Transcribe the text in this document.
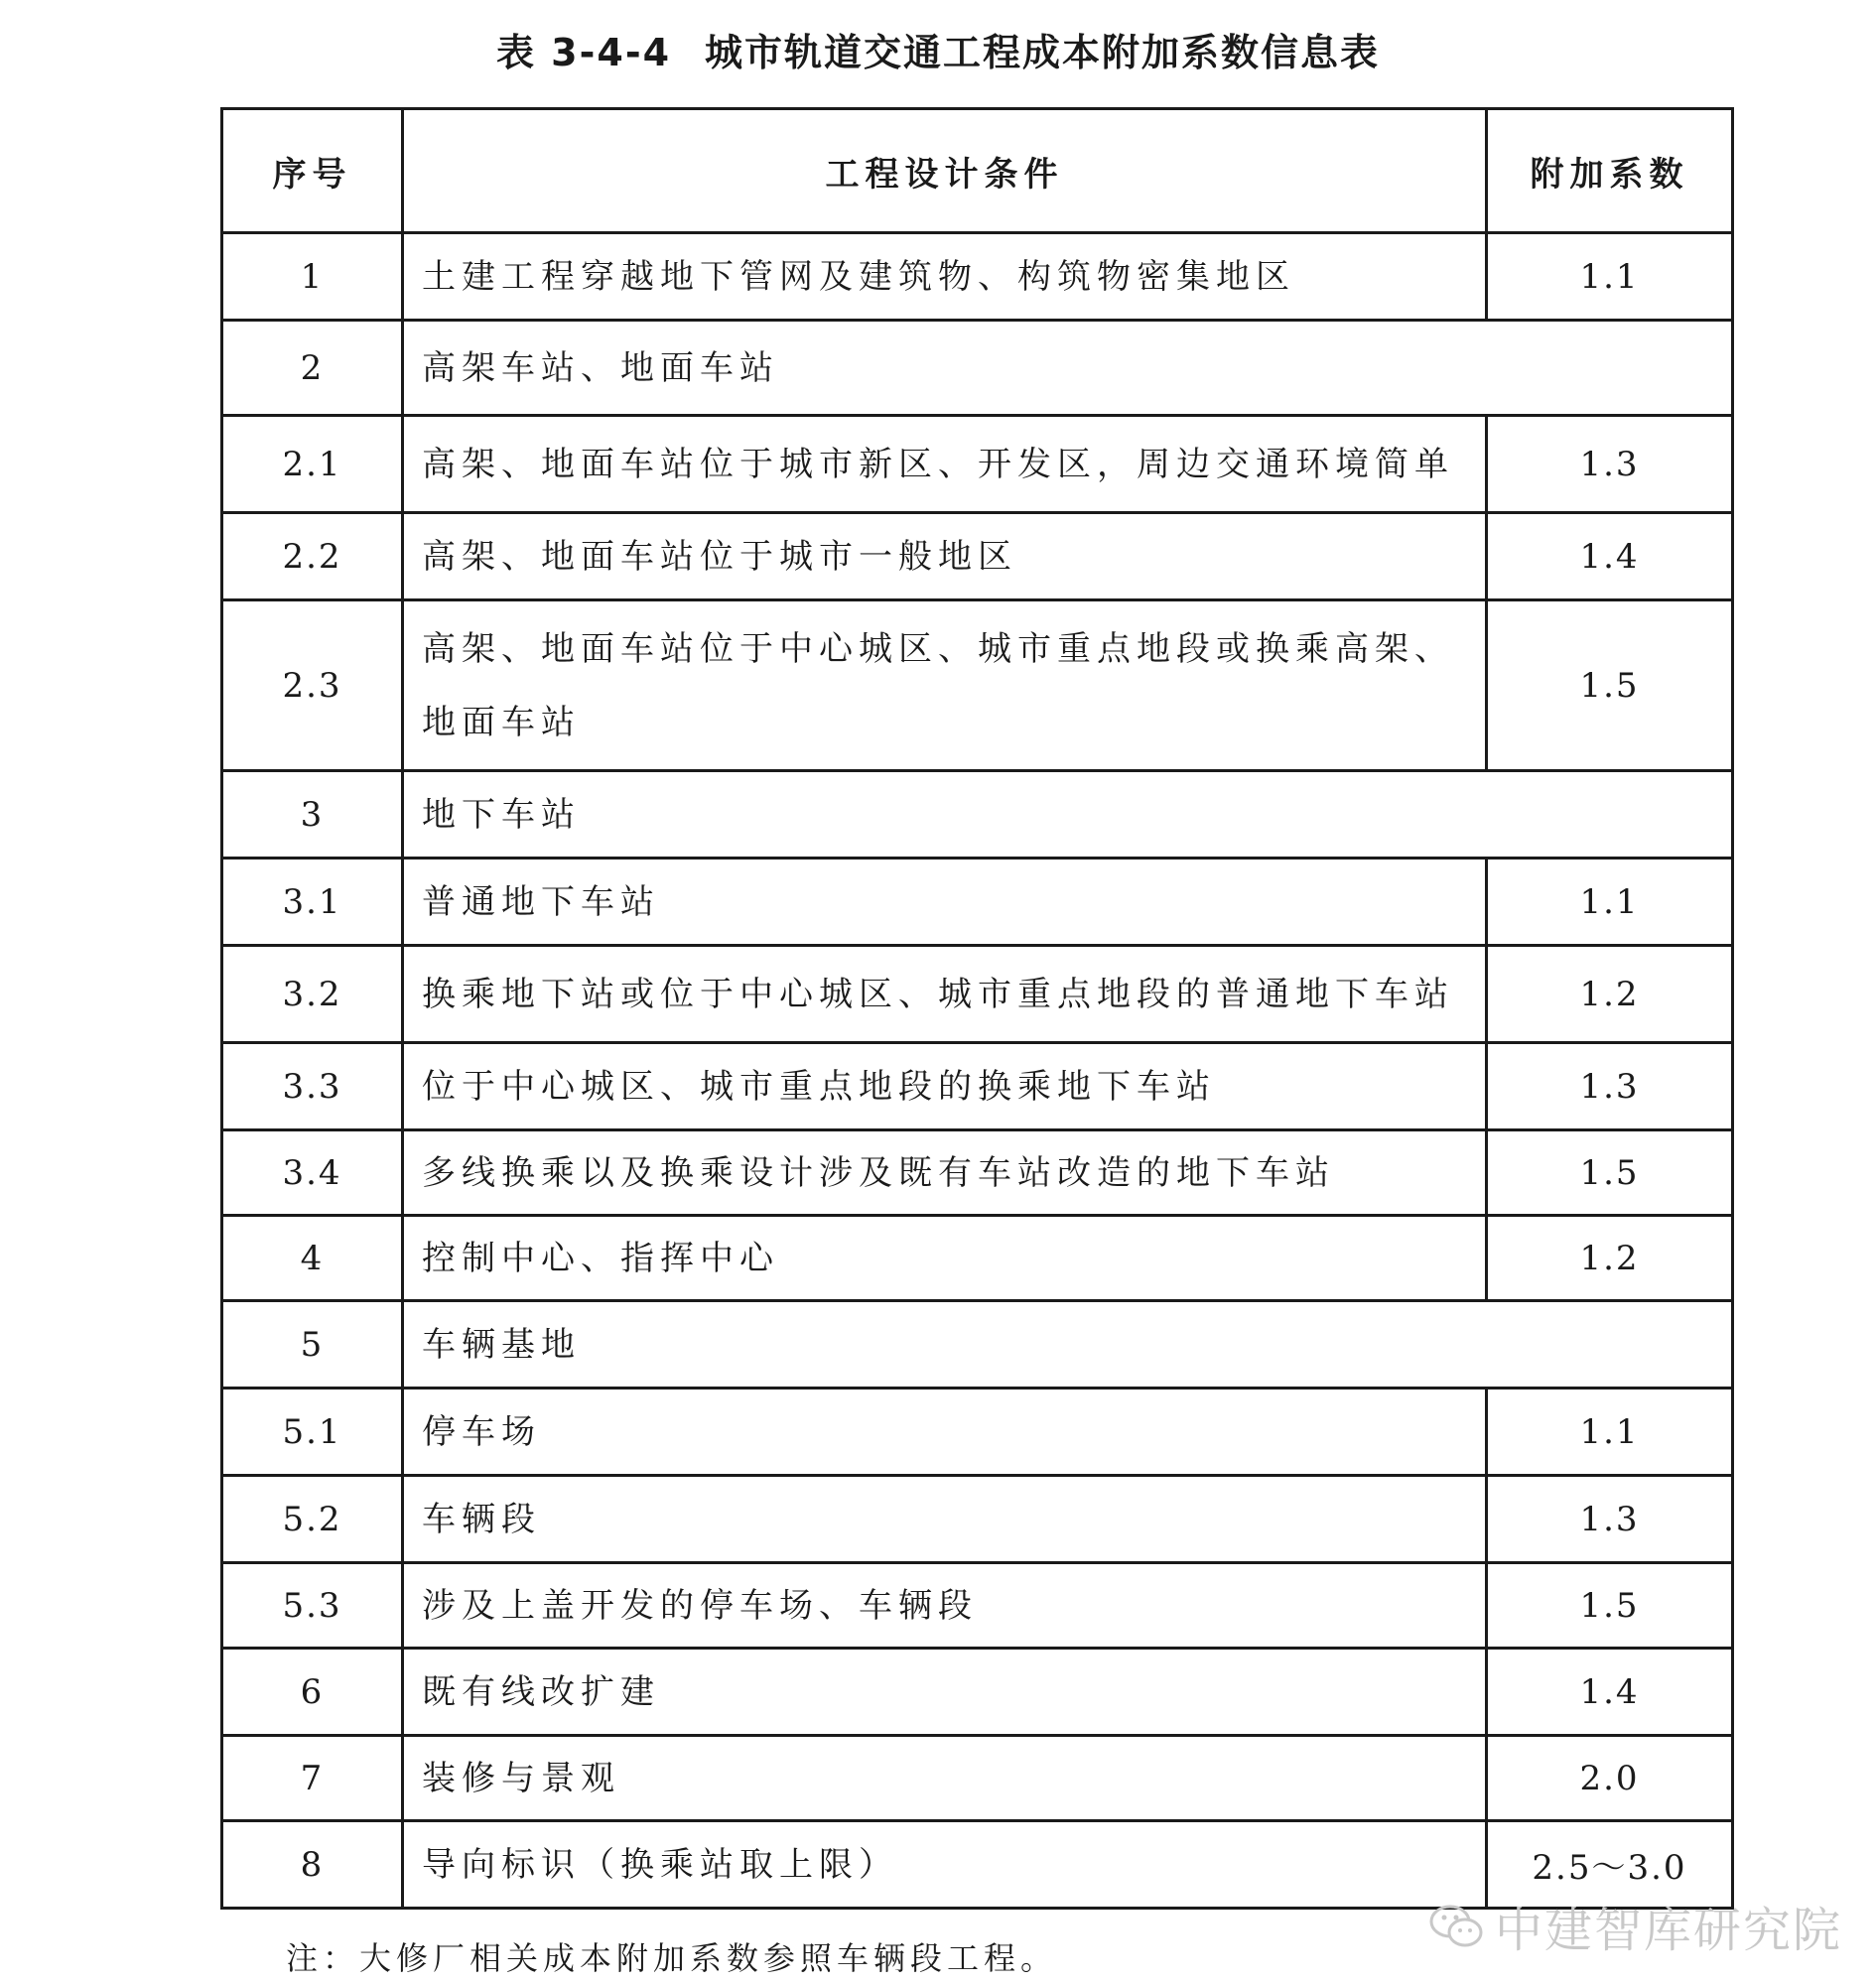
表 3-4-4 城市轨道交通工程成本附加系数信息表
序号	工程设计条件	附加系数
1	土建工程穿越地下管网及建筑物、构筑物密集地区	1.1
2	高架车站、地面车站	
2.1	高架、地面车站位于城市新区、开发区，周边交通环境简单	1.3
2.2	高架、地面车站位于城市一般地区	1.4
2.3	高架、地面车站位于中心城区、城市重点地段或换乘高架、地面车站	1.5
3	地下车站	
3.1	普通地下车站	1.1
3.2	换乘地下站或位于中心城区、城市重点地段的普通地下车站	1.2
3.3	位于中心城区、城市重点地段的换乘地下车站	1.3
3.4	多线换乘以及换乘设计涉及既有车站改造的地下车站	1.5
4	控制中心、指挥中心	1.2
5	车辆基地	
5.1	停车场	1.1
5.2	车辆段	1.3
5.3	涉及上盖开发的停车场、车辆段	1.5
6	既有线改扩建	1.4
7	装修与景观	2.0
8	导向标识（换乘站取上限）	2.5～3.0
注：大修厂相关成本附加系数参照车辆段工程。	中建智库研究院
